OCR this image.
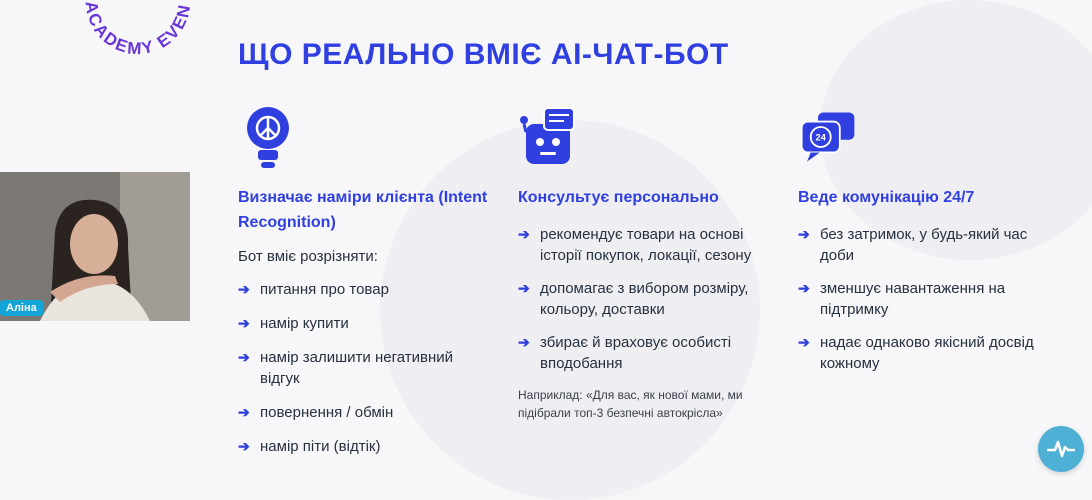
ACADEMY EVEN
ЩО РЕАЛЬНО ВМІЄ AI-ЧАТ-БОТ

Визначає наміри клієнта (Intent Recognition)

Бот вміє розрізняти:

➔ питання про товар
➔ намір купити
➔ намір залишити негативний відгук
➔ повернення / обмін
➔ намір піти (відтік)

Консультує персонально

➔ рекомендує товари на основі історії покупок, локації, сезону
➔ допомагає з вибором розміру, кольору, доставки
➔ збирає й враховує особисті вподобання
Наприклад: «Для вас, як нової мами, ми підібрали топ-3 безпечні автокрісла»
24

Веде комунікацію 24/7

➔ без затримок, у будь-який час доби
➔ зменшує навантаження на підтримку
➔ надає однаково якісний досвід кожному
Аліна
